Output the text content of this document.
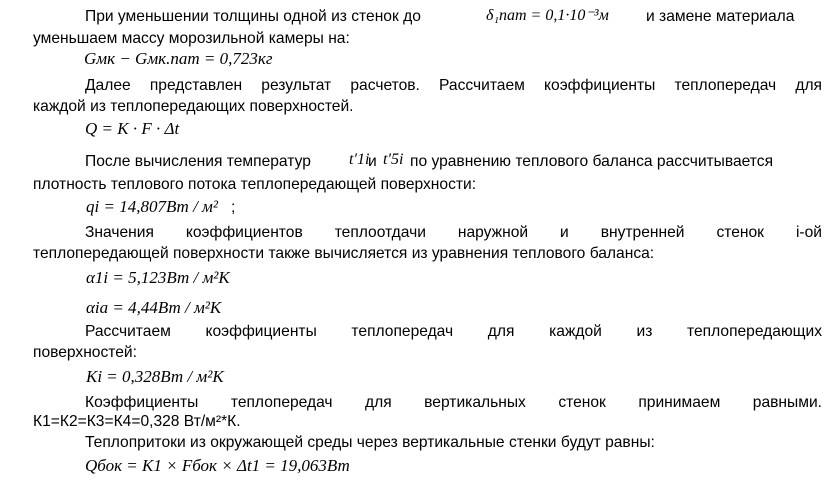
При уменьшении толщины одной из стенок до	δ₁пат = 0,1·10⁻³м и замене материала
уменьшаем массу морозильной камеры на:
Gмк − Gмк.пат = 0,723кг
Далее представлен результат расчетов. Рассчитаем коэффициенты теплопередач для
каждой из теплопередающих поверхностей.
Q = K · F · Δt
После вычисления температур t′1i
и t′5i по уравнению теплового баланса рассчитывается
плотность теплового потока теплопередающей поверхности:
qi = 14,807Вт / м² ;
Значения коэффициентов теплоотдачи наружной и внутренней стенок i-ой
теплопередающей поверхности также вычисляется из уравнения теплового баланса:
α1i = 5,123Вт / м²К
αia = 4,44Вт / м²К
Рассчитаем коэффициенты теплопередач для каждой из теплопередающих
поверхностей:
Ki = 0,328Вт / м²К
Коэффициенты теплопередач для вертикальных стенок принимаем равными.
К1=К2=К3=К4=0,328 Вт/м²*К.
Теплопритоки из окружающей среды через вертикальные стенки будут равны:
Qбок = K1 × Fбок × Δt1 = 19,063Вт
